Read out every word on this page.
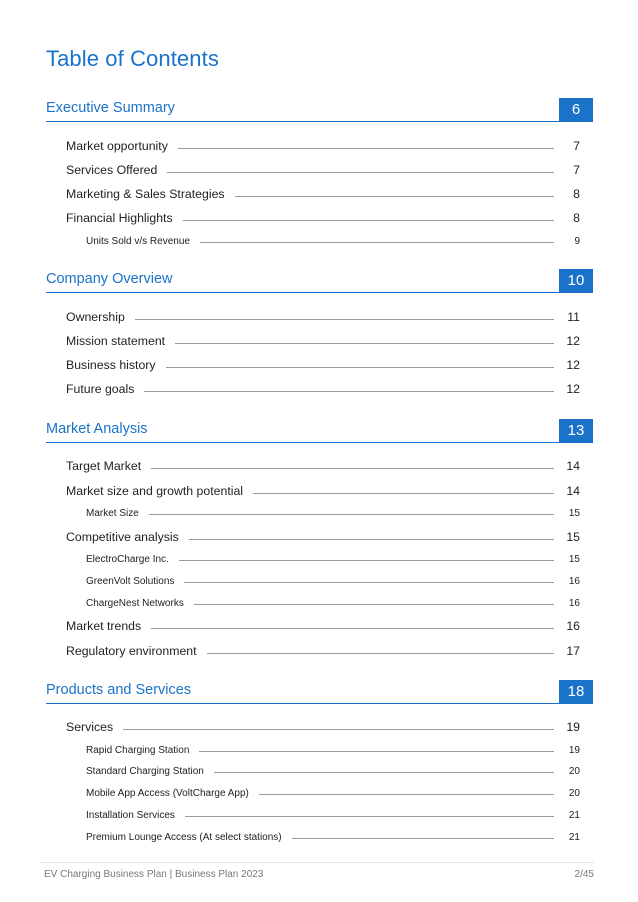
Table of Contents
Executive Summary	6
Market opportunity	7
Services Offered	7
Marketing & Sales Strategies	8
Financial Highlights	8
Units Sold v/s Revenue	9
Company Overview	10
Ownership	11
Mission statement	12
Business history	12
Future goals	12
Market Analysis	13
Target Market	14
Market size and growth potential	14
Market Size	15
Competitive analysis	15
ElectroCharge Inc.	15
GreenVolt Solutions	16
ChargeNest Networks	16
Market trends	16
Regulatory environment	17
Products and Services	18
Services	19
Rapid Charging Station	19
Standard Charging Station	20
Mobile App Access (VoltCharge App)	20
Installation Services	21
Premium Lounge Access (At select stations)	21
EV Charging Business Plan | Business Plan 2023	2/45
